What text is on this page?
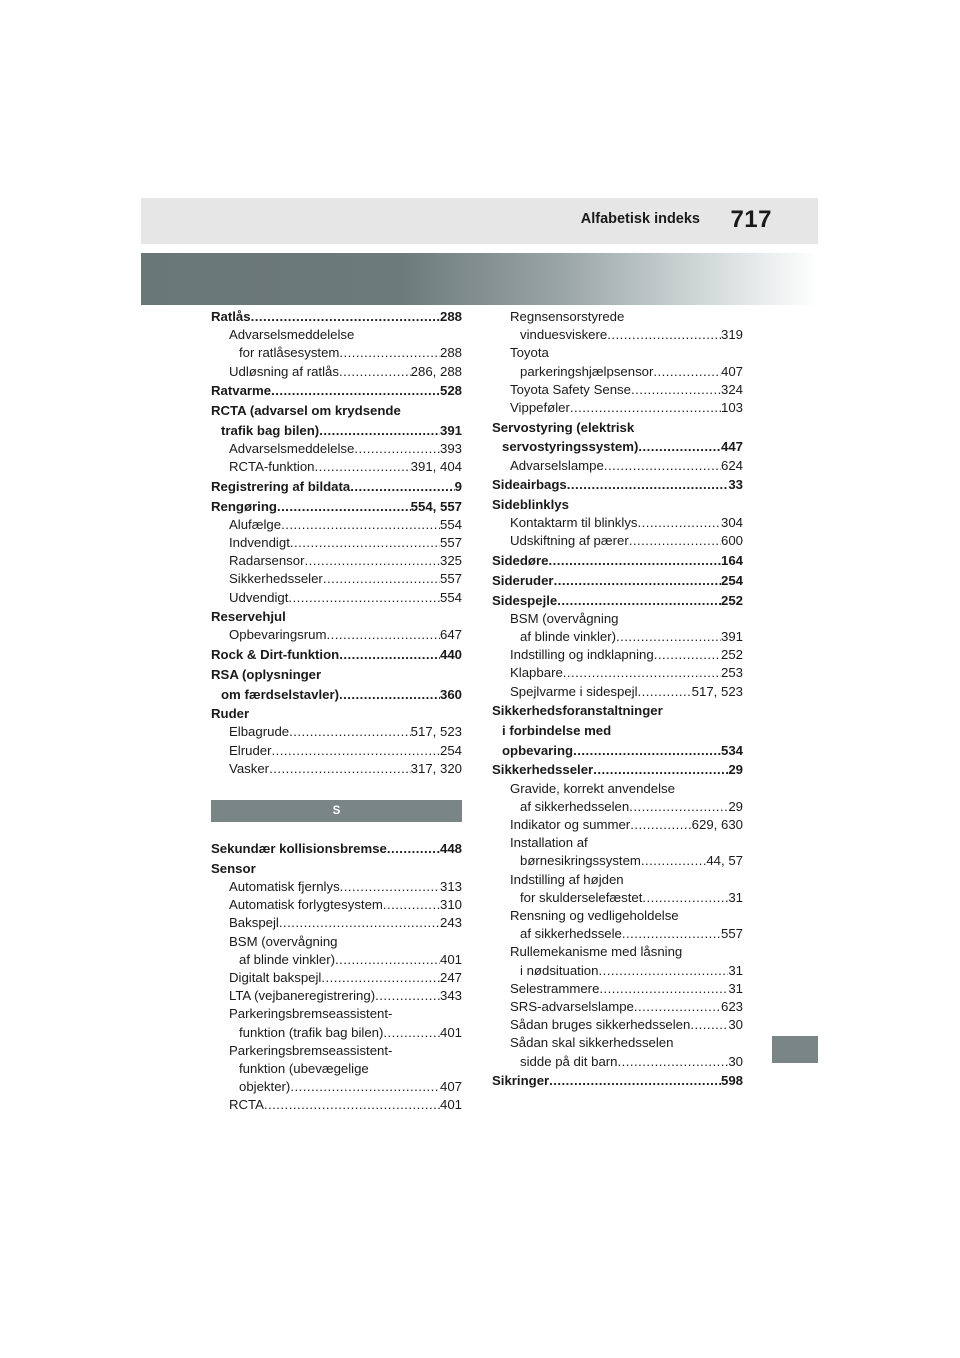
Alfabetisk indeks 717
Ratlås . . .	288
Advarselsmeddelelse
for ratlåsesystem . . .	288
Udløsning af ratlås . . .	286, 288
Ratvarme . . .	528
RCTA (advarsel om krydsende
trafik bag bilen) . . .	391
Advarselsmeddelelse . . .	393
RCTA-funktion . . .	391, 404
Registrering af bildata . . .	9
Rengøring . . .	554, 557
Alufælge . . .	554
Indvendigt . . .	557
Radarsensor . . .	325
Sikkerhedsseler . . .	557
Udvendigt . . .	554
Reservehjul
Opbevaringsrum . . .	647
Rock & Dirt-funktion . . .	440
RSA (oplysninger
om færdselstavler) . . .	360
Ruder
Elbagrude . . .	517, 523
Elruder . . .	254
Vasker . . .	317, 320
S
Sekundær kollisionsbremse . . .	448
Sensor
Automatisk fjernlys . . .	313
Automatisk forlygtesystem . . .	310
Bakspejl . . .	243
BSM (overvågning
af blinde vinkler) . . .	401
Digitalt bakspejl . . .	247
LTA (vejbaneregistrering) . . .	343
Parkeringsbremseassistent-
funktion (trafik bag bilen) . . .	401
Parkeringsbremseassistent-
funktion (ubevægelige
objekter) . . .	407
RCTA . . .	401
Regnsensorstyrede
vinduesviskere . . .	319
Toyota
parkeringshjælpsensor . . .	407
Toyota Safety Sense . . .	324
Vippeføler . . .	103
Servostyring (elektrisk
servostyringssystem) . . .	447
Advarselslampe . . .	624
Sideairbags . . .	33
Sideblinklys
Kontaktarm til blinklys . . .	304
Udskiftning af pærer . . .	600
Sidedøre . . .	164
Sideruder . . .	254
Sidespejle . . .	252
BSM (overvågning
af blinde vinkler) . . .	391
Indstilling og indklapning . . .	252
Klapbare . . .	253
Spejlvarme i sidespejl . . .	517, 523
Sikkerhedsforanstaltninger
i forbindelse med
opbevaring . . .	534
Sikkerhedsseler . . .	29
Gravide, korrekt anvendelse
af sikkerhedsselen . . .	29
Indikator og summer . . .	629, 630
Installation af
børnesikringssystem . . .	44, 57
Indstilling af højden
for skulderselefæstet . . .	31
Rensning og vedligeholdelse
af sikkerhedssele . . .	557
Rullemekanisme med låsning
i nødsituation . . .	31
Selestrammere . . .	31
SRS-advarselslampe . . .	623
Sådan bruges sikkerhedsselen . . .	30
Sådan skal sikkerhedsselen
sidde på dit barn . . .	30
Sikringer . . .	598
